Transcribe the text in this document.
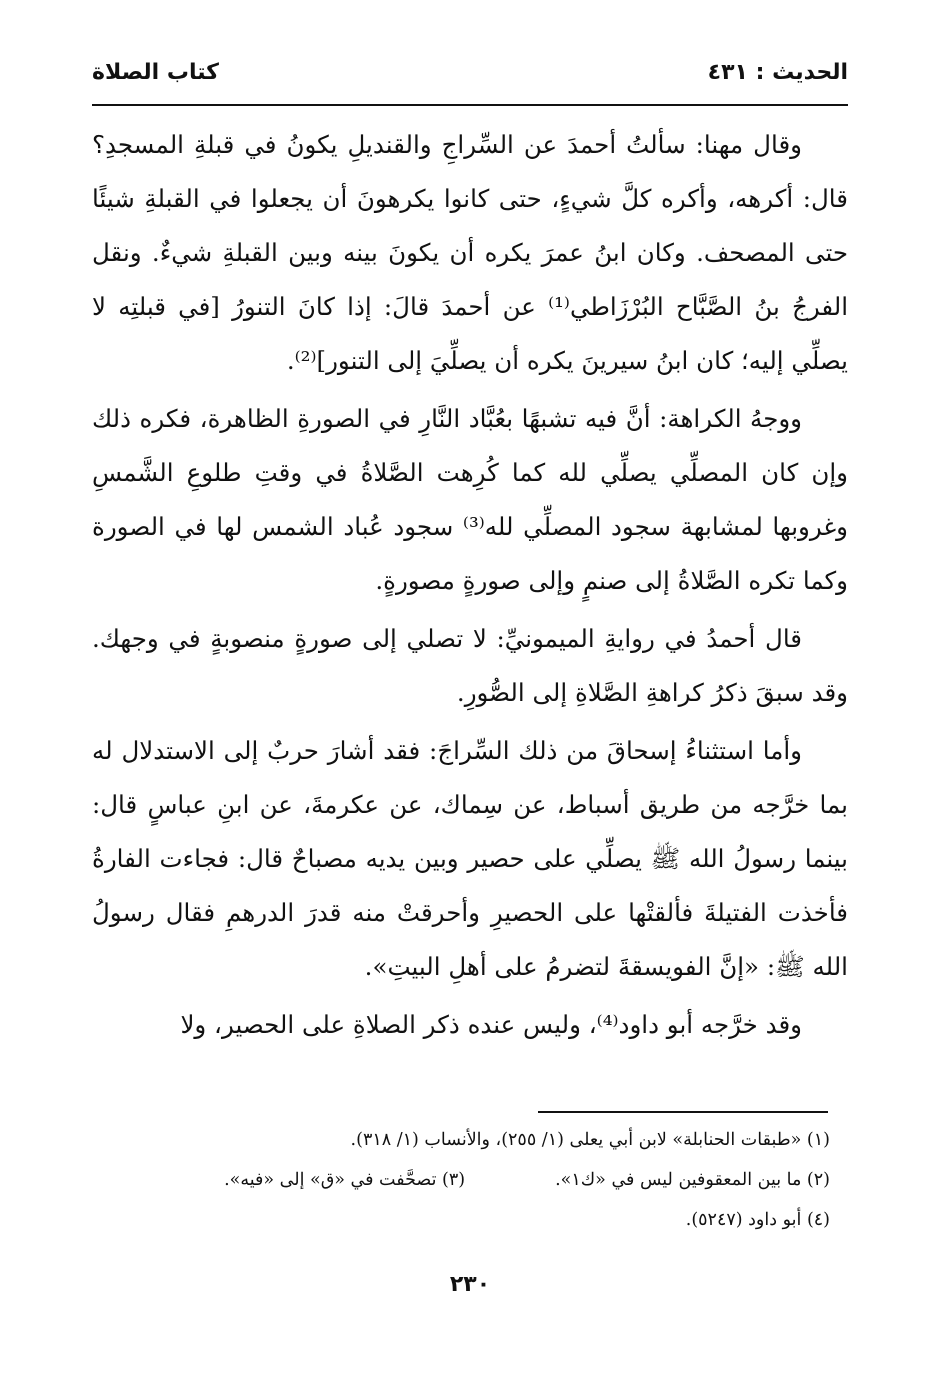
الحديث : ٤٣١
كتاب الصلاة

وقال مهنا: سألتُ أحمدَ عن السِّراجِ والقنديلِ يكونُ في قبلةِ المسجدِ؟ قال: أكرهه، وأكره كلَّ شيءٍ، حتى كانوا يكرهونَ أن يجعلوا في القبلةِ شيئًا حتى المصحف. وكان ابنُ عمرَ يكره أن يكونَ بينه وبين القبلةِ شيءٌ. ونقل الفرجُ بنُ الصَّبَّاح البُرْزَاطي⁽¹⁾ عن أحمدَ قالَ: إذا كانَ التنورُ [في قبلتِه لا يصلِّي إليه؛ كان ابنُ سيرينَ يكره أن يصلِّيَ إلى التنور]⁽²⁾.

ووجهُ الكراهة: أنَّ فيه تشبهًا بعُبَّاد النَّارِ في الصورةِ الظاهرة، فكره ذلك وإن كان المصلِّي يصلِّي لله كما كُرِهت الصَّلاةُ في وقتِ طلوعِ الشَّمسِ وغروبها لمشابهة سجود المصلِّي لله⁽³⁾ سجود عُباد الشمس لها في الصورة وكما تكره الصَّلاةُ إلى صنمٍ وإلى صورةٍ مصورةٍ.

قال أحمدُ في روايةِ الميمونيِّ: لا تصلي إلى صورةٍ منصوبةٍ في وجهك. وقد سبقَ ذكرُ كراهةِ الصَّلاةِ إلى الصُّورِ.

وأما استثناءُ إسحاقَ من ذلك السِّراجَ: فقد أشارَ حربٌ إلى الاستدلال له بما خرَّجه من طريق أسباط، عن سِماك، عن عكرمةَ، عن ابنِ عباسٍ قال: بينما رسولُ الله ﷺ يصلِّي على حصير وبين يديه مصباحٌ قال: فجاءت الفارةُ فأخذت الفتيلةَ فألقتْها على الحصيرِ وأحرقتْ منه قدرَ الدرهمِ فقال رسولُ الله ﷺ: «إنَّ الفويسقةَ لتضرمُ على أهلِ البيتِ».

وقد خرَّجه أبو داود⁽⁴⁾، وليس عنده ذكر الصلاةِ على الحصير، ولا

(١) «طبقات الحنابلة» لابن أبي يعلى (١/ ٢٥٥)، والأنساب (١/ ٣١٨).
(٢) ما بين المعقوفين ليس في «ك١».
(٣) تصحَّفت في «ق» إلى «فيه».
(٤) أبو داود (٥٢٤٧).
٢٣٠
